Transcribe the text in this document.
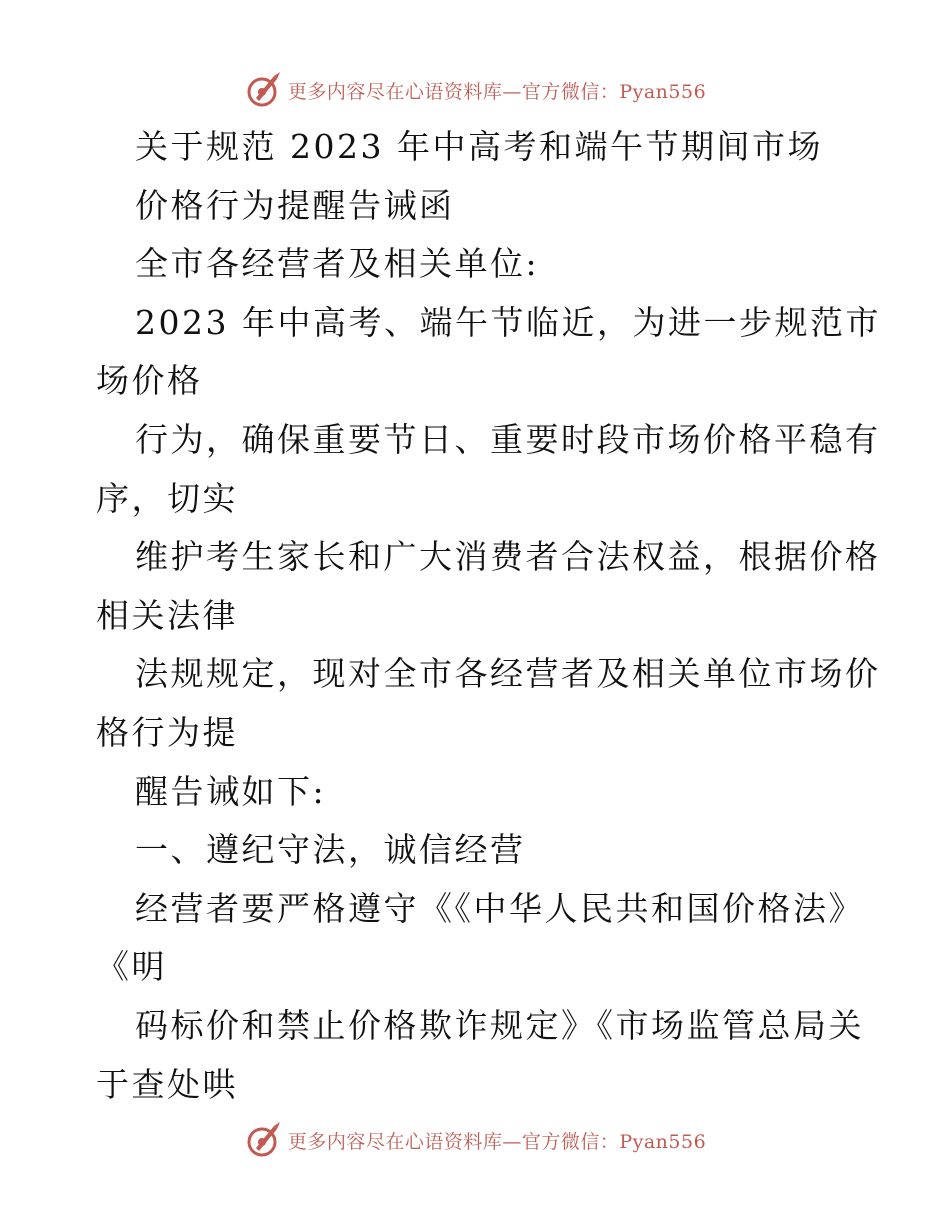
更多内容尽在心语资料库—官方微信：Pyan556
关于规范 2023 年中高考和端午节期间市场
价格行为提醒告诫函
全市各经营者及相关单位:
2023 年中高考、端午节临近，为进一步规范市
场价格
行为，确保重要节日、重要时段市场价格平稳有
序，切实
维护考生家长和广大消费者合法权益，根据价格
相关法律
法规规定，现对全市各经营者及相关单位市场价
格行为提
醒告诫如下:
一、遵纪守法，诚信经营
经营者要严格遵守《《中华人民共和国价格法》
《明
码标价和禁止价格欺诈规定》《市场监管总局关
于查处哄
更多内容尽在心语资料库—官方微信：Pyan556
